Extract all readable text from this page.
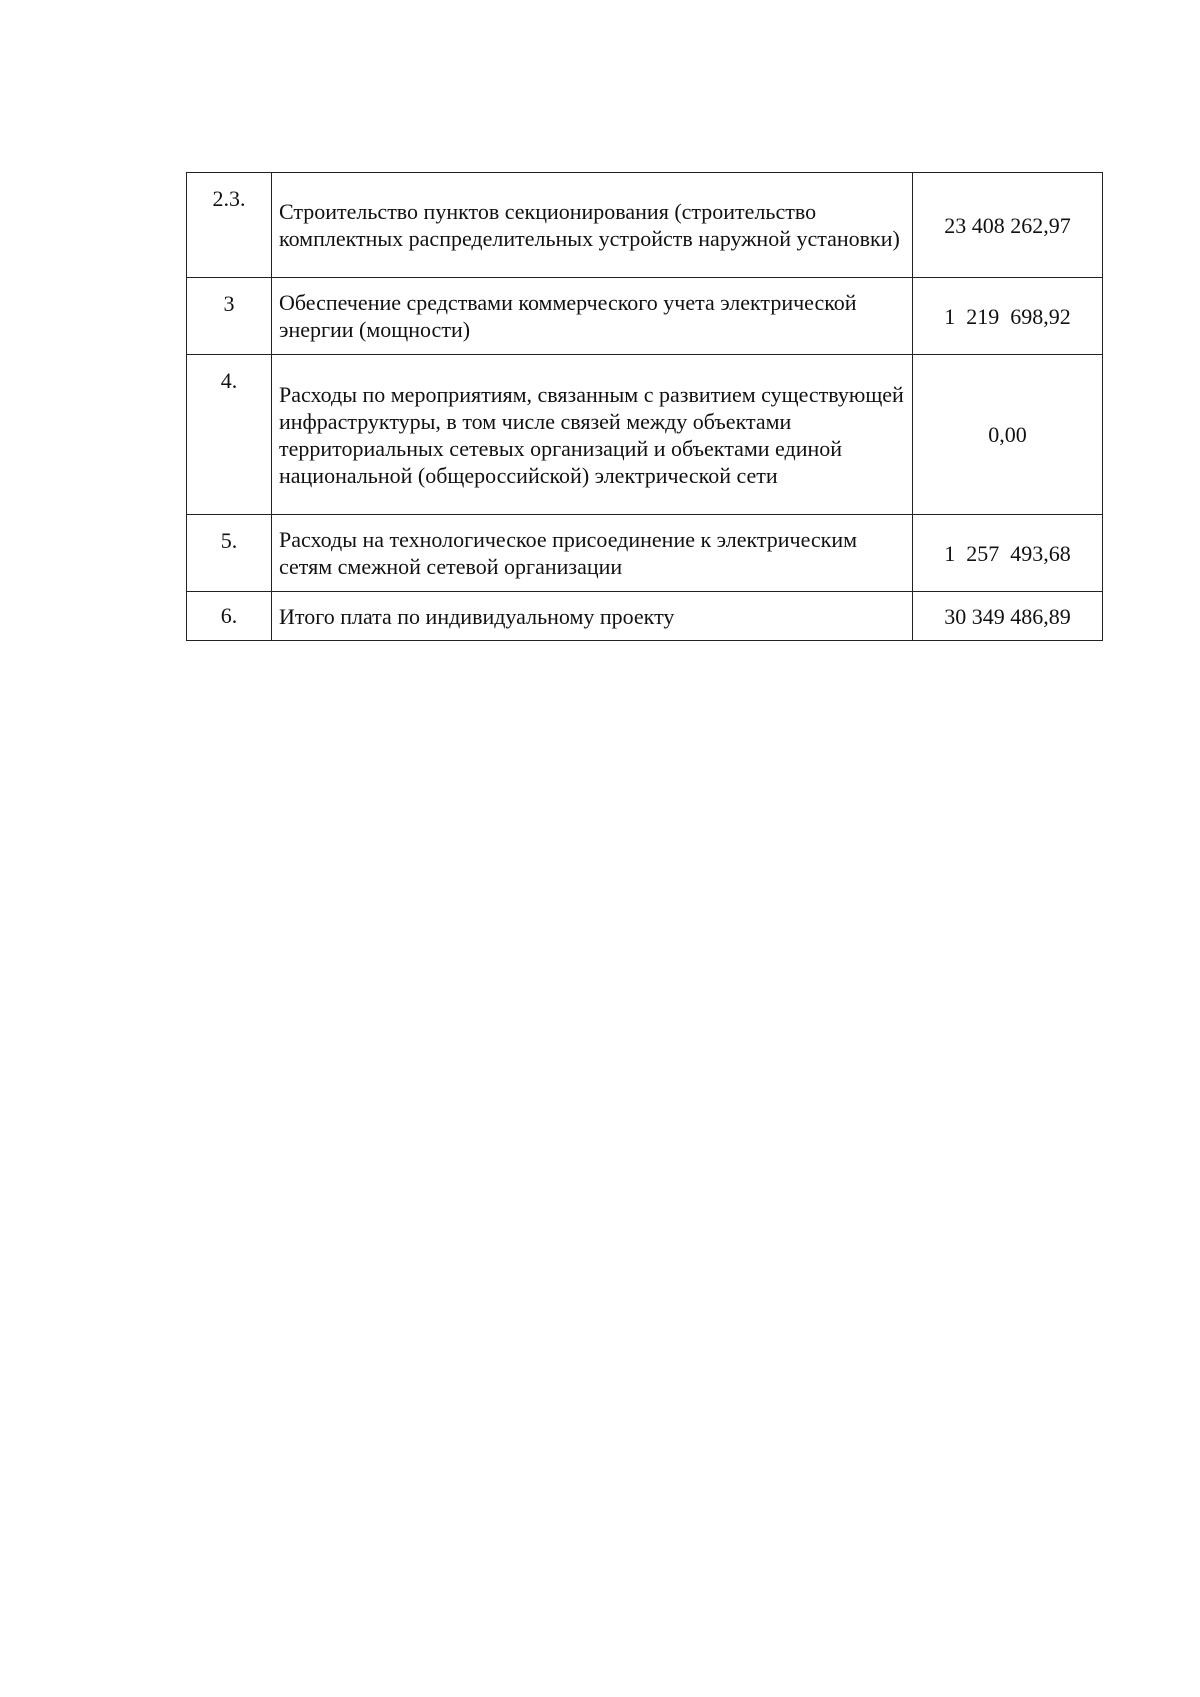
2.3.	Строительство пунктов секционирования (строительство комплектных распределительных устройств наружной установки)	23 408 262,97
3	Обеспечение средствами коммерческого учета электрической энергии (мощности)	1  219  698,92
4.	Расходы по мероприятиям, связанным с развитием существующей инфраструктуры, в том числе связей между объектами территориальных сетевых организаций и объектами единой национальной (общероссийской) электрической сети	0,00
5.	Расходы на технологическое присоединение к электрическим сетям смежной сетевой организации	1  257  493,68
6.	Итого плата по индивидуальному проекту	30 349 486,89
